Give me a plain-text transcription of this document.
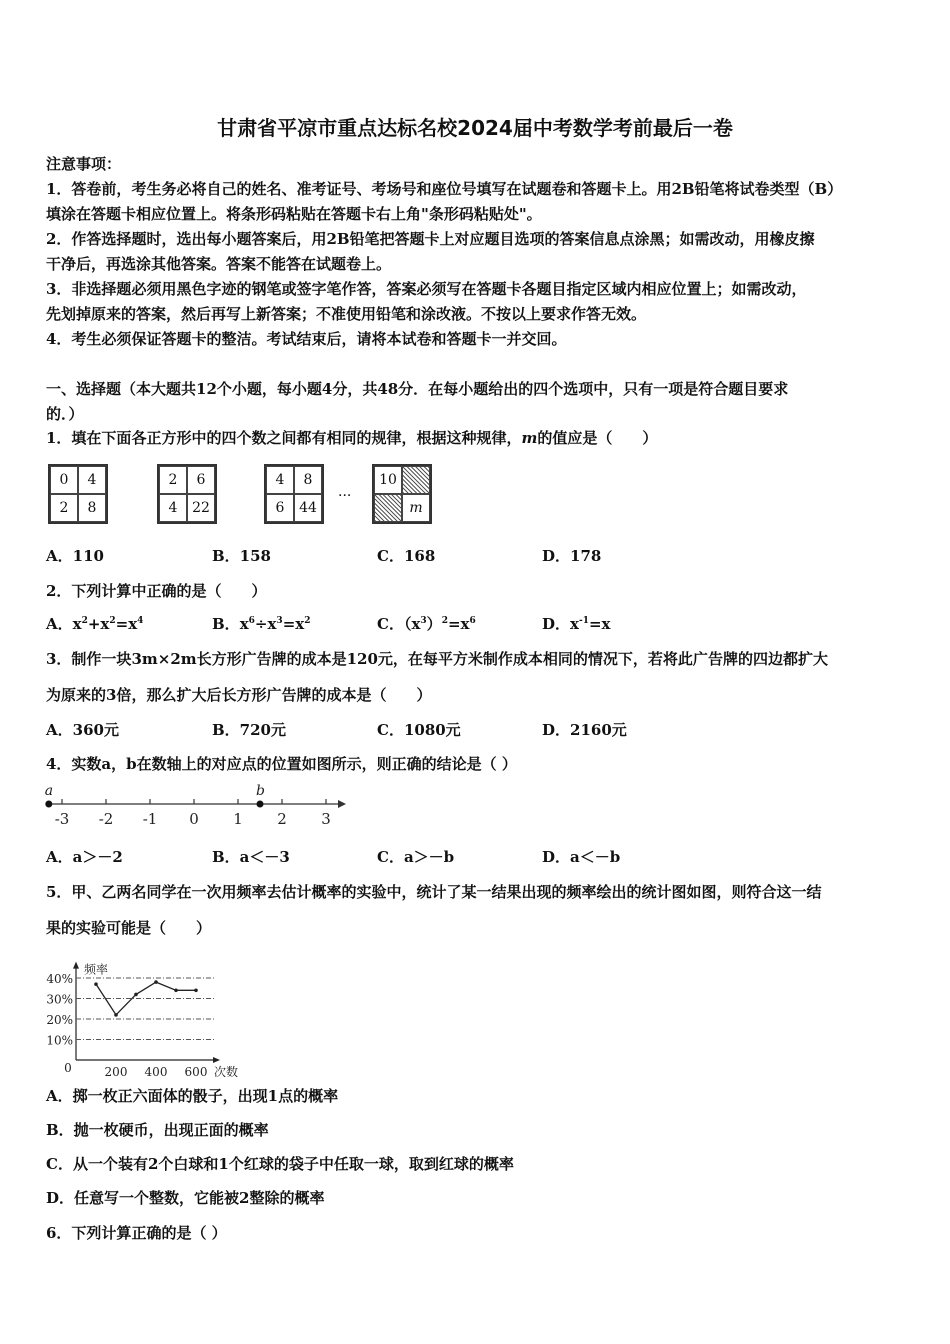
甘肃省平凉市重点达标名校2024届中考数学考前最后一卷
注意事项：
1．答卷前，考生务必将自己的姓名、准考证号、考场号和座位号填写在试题卷和答题卡上。用2B铅笔将试卷类型（B）
填涂在答题卡相应位置上。将条形码粘贴在答题卡右上角"条形码粘贴处"。
2．作答选择题时，选出每小题答案后，用2B铅笔把答题卡上对应题目选项的答案信息点涂黑；如需改动，用橡皮擦
干净后，再选涂其他答案。答案不能答在试题卷上。
3．非选择题必须用黑色字迹的钢笔或签字笔作答，答案必须写在答题卡各题目指定区域内相应位置上；如需改动，
先划掉原来的答案，然后再写上新答案；不准使用铅笔和涂改液。不按以上要求作答无效。
4．考生必须保证答题卡的整洁。考试结束后，请将本试卷和答题卡一并交回。
一、选择题（本大题共12个小题，每小题4分，共48分．在每小题给出的四个选项中，只有一项是符合题目要求
的．）
1．填在下面各正方形中的四个数之间都有相同的规律，根据这种规律，m的值应是（　　）
0	4
2	8
2	6
4	22
4	8
6	44
···
10
m
A．110	B．158	C．168	D．178
2．下列计算中正确的是（　　）
A．$x^2+x^2=x^4$	B．$x^6\div x^3=x^2$	C．$(x^3)^2=x^6$	D．$x^{-1}=x$
3．制作一块3m×2m长方形广告牌的成本是120元，在每平方米制作成本相同的情况下，若将此广告牌的四边都扩大
为原来的3倍，那么扩大后长方形广告牌的成本是（　　）
A．360元	B．720元	C．1080元	D．2160元
4．实数a，b在数轴上的对应点的位置如图所示，则正确的结论是（ ）
-3 -2 -1 0 1 2 3
a	b
A．a＞－2	B．a＜－3	C．a＞－b	D．a＜－b
5．甲、乙两名同学在一次用频率去估计概率的实验中，统计了某一结果出现的频率绘出的统计图如图，则符合这一结
果的实验可能是（　　）
10%
20%
30%
40%
200 400 600
0
频率
次数
A．掷一枚正六面体的骰子，出现1点的概率
B．抛一枚硬币，出现正面的概率
C．从一个装有2个白球和1个红球的袋子中任取一球，取到红球的概率
D．任意写一个整数，它能被2整除的概率
6．下列计算正确的是（ ）
